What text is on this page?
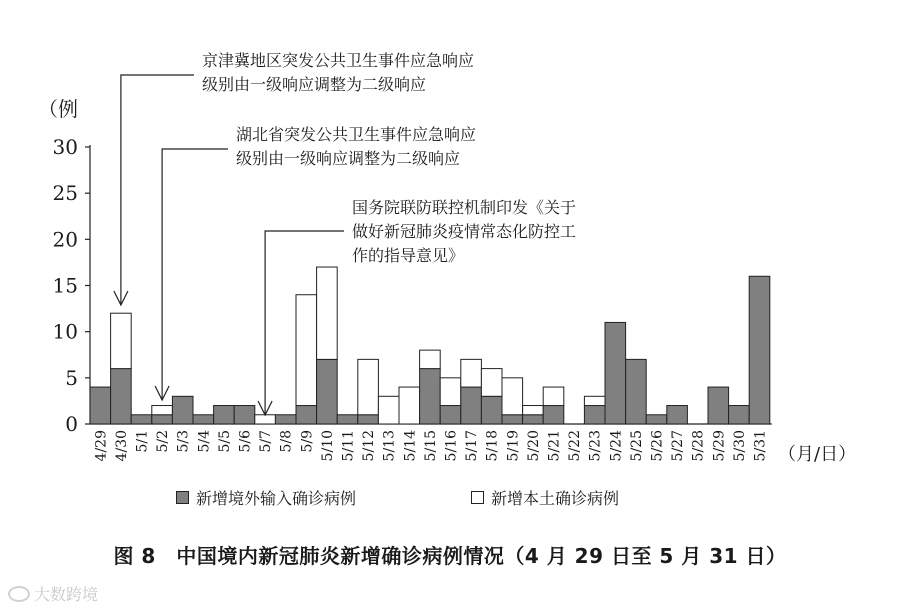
0
5
10
15
20
25
30
（例
4/29 4/30 5/1 5/2 5/3 5/4 5/5 5/6 5/7 5/8 5/9 5/10 5/11 5/12 5/13 5/14 5/15 5/16 5/17 5/18 5/19 5/20 5/21 5/22 5/23 5/24 5/25 5/26 5/27 5/28 5/29 5/30 5/31 （月/日）
京津冀地区突发公共卫生事件应急响应
级别由一级响应调整为二级响应
湖北省突发公共卫生事件应急响应
级别由一级响应调整为二级响应
国务院联防联控机制印发《关于
做好新冠肺炎疫情常态化防控工
作的指导意见》
新增境外输入确诊病例	新增本土确诊病例
图 8　中国境内新冠肺炎新增确诊病例情况（4 月 29 日至 5 月 31 日）
大数跨境
